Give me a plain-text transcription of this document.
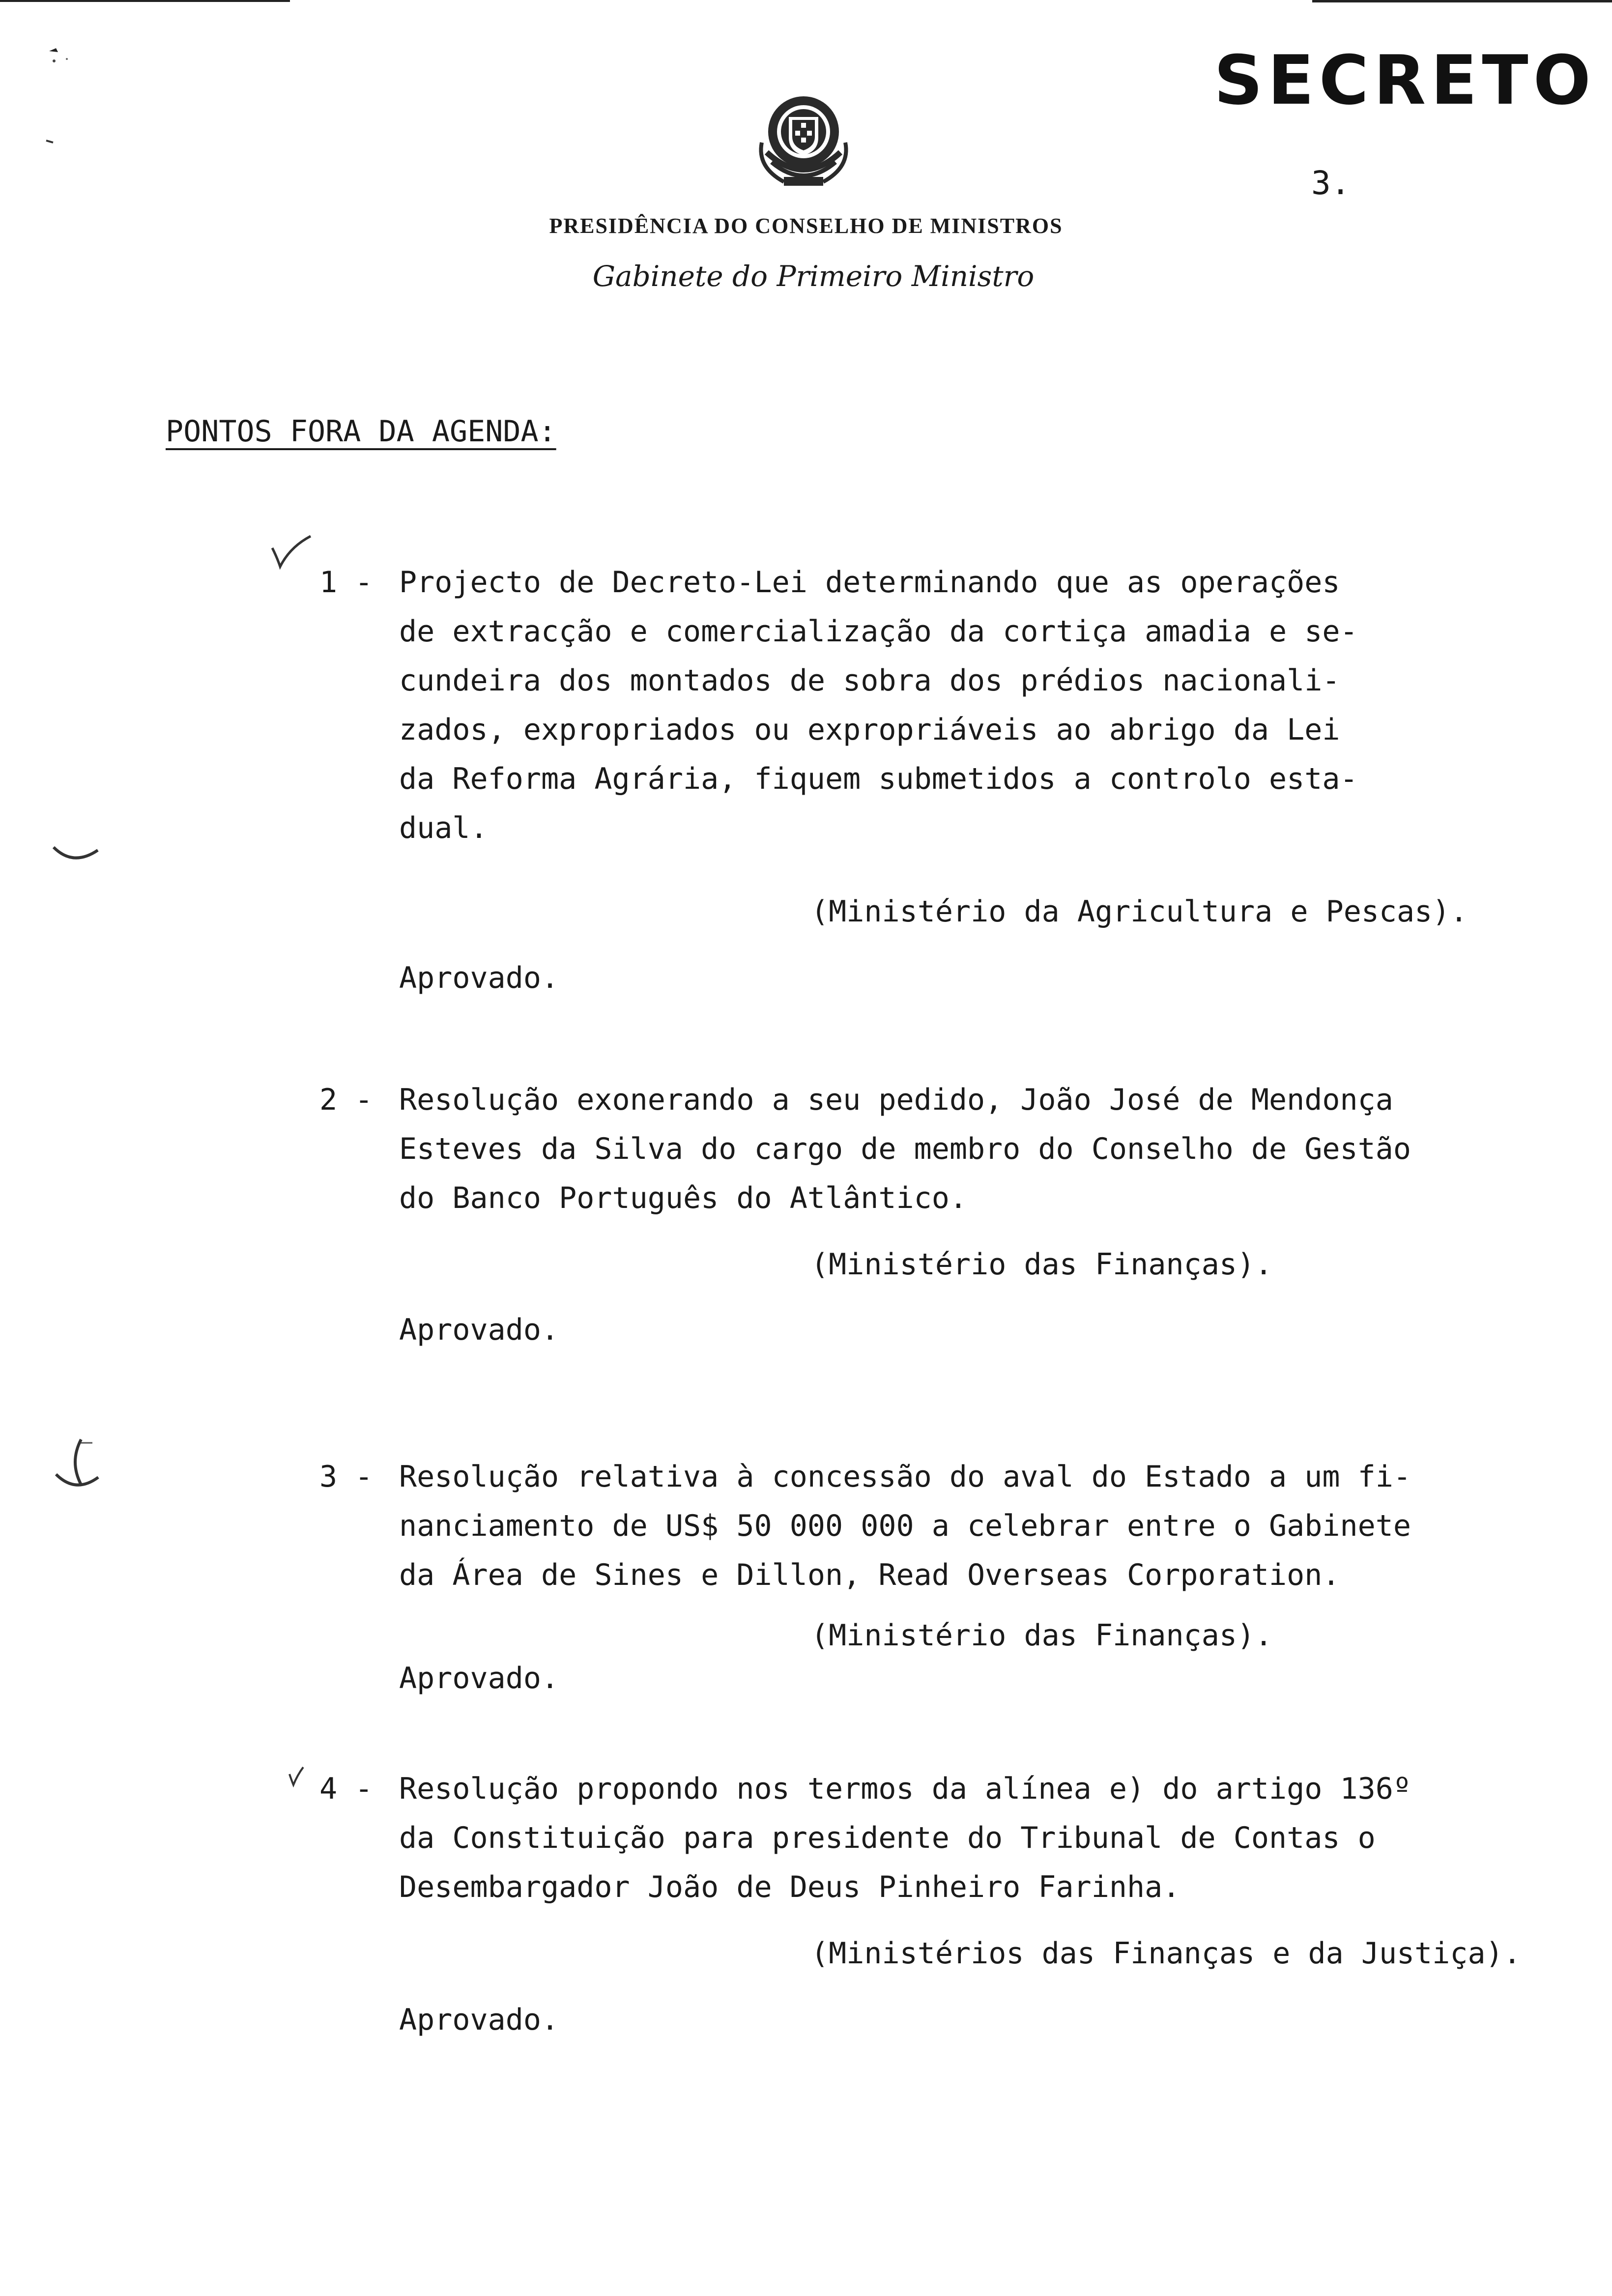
SECRETO
3.
PRESIDÊNCIA DO CONSELHO DE MINISTROS
Gabinete do Primeiro Ministro
PONTOS FORA DA AGENDA:
1 - Projecto de Decreto-Lei determinando que as operações
de extracção e comercialização da cortiça amadia e se-
cundeira dos montados de sobra dos prédios nacionali-
zados, expropriados ou expropriáveis ao abrigo da Lei
da Reforma Agrária, fiquem submetidos a controlo esta-
dual.
(Ministério da Agricultura e Pescas).
Aprovado.
2 - Resolução exonerando a seu pedido, João José de Mendonça
Esteves da Silva do cargo de membro do Conselho de Gestão
do Banco Português do Atlântico.
(Ministério das Finanças).
Aprovado.
3 - Resolução relativa à concessão do aval do Estado a um fi-
nanciamento de US$ 50 000 000 a celebrar entre o Gabinete
da Área de Sines e Dillon, Read Overseas Corporation.
(Ministério das Finanças).
Aprovado.
4 - Resolução propondo nos termos da alínea e) do artigo 136º
da Constituição para presidente do Tribunal de Contas o
Desembargador João de Deus Pinheiro Farinha.
(Ministérios das Finanças e da Justiça).
Aprovado.
